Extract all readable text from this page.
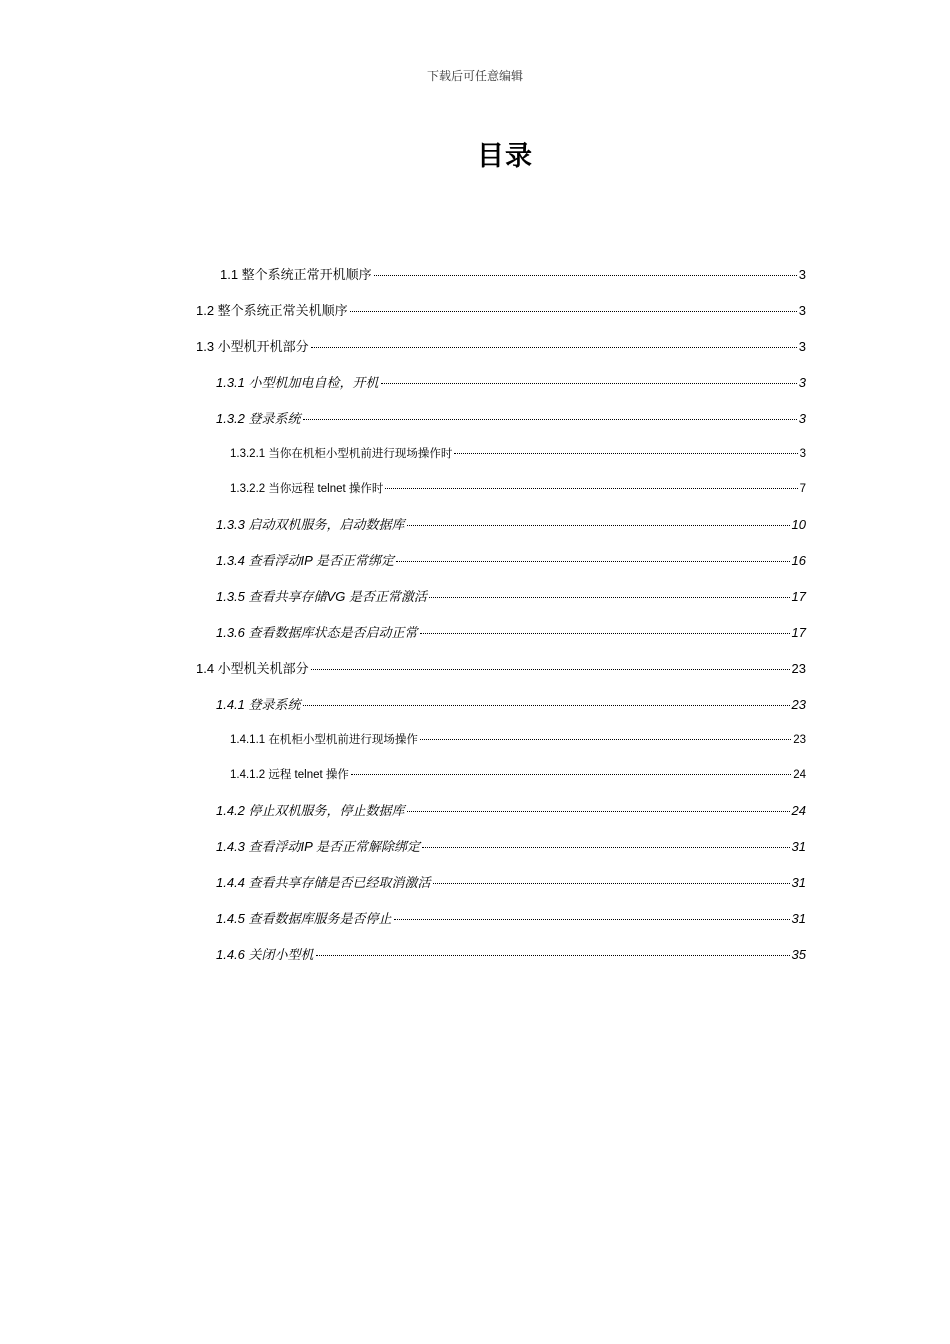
下载后可任意编辑
目录
1.1 整个系统正常开机顺序	3
1.2 整个系统正常关机顺序	3
1.3 小型机开机部分	3
1.3.1 小型机加电自检，开机	3
1.3.2 登录系统	3
1.3.2.1 当你在机柜小型机前进行现场操作时	3
1.3.2.2 当你远程 telnet 操作时	7
1.3.3 启动双机服务，启动数据库	10
1.3.4 查看浮动IP 是否正常绑定	16
1.3.5 查看共享存储VG 是否正常激活	17
1.3.6 查看数据库状态是否启动正常	17
1.4 小型机关机部分	23
1.4.1 登录系统	23
1.4.1.1 在机柜小型机前进行现场操作	23
1.4.1.2 远程 telnet 操作	24
1.4.2 停止双机服务，停止数据库	24
1.4.3 查看浮动IP 是否正常解除绑定	31
1.4.4 查看共享存储是否已经取消激活	31
1.4.5 查看数据库服务是否停止	31
1.4.6 关闭小型机	35
